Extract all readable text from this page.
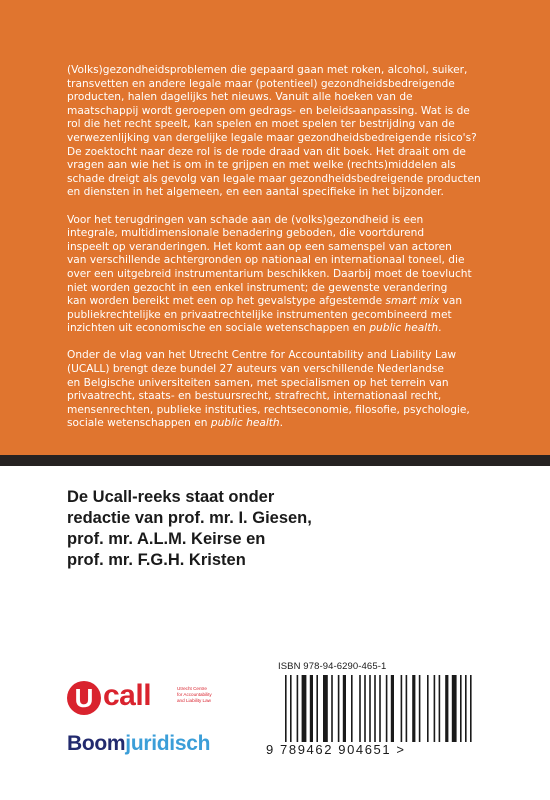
(Volks)gezondheidsproblemen die gepaard gaan met roken, alcohol, suiker,
transvetten en andere legale maar (potentieel) gezondheidsbedreigende
producten, halen dagelijks het nieuws. Vanuit alle hoeken van de
maatschappij wordt geroepen om gedrags- en beleidsaanpassing. Wat is de
rol die het recht speelt, kan spelen en moet spelen ter bestrijding van de
verwezenlijking van dergelijke legale maar gezondheidsbedreigende risico's?
De zoektocht naar deze rol is de rode draad van dit boek. Het draait om de
vragen aan wie het is om in te grijpen en met welke (rechts)middelen als
schade dreigt als gevolg van legale maar gezondheidsbedreigende producten
en diensten in het algemeen, en een aantal specifieke in het bijzonder.

Voor het terugdringen van schade aan de (volks)gezondheid is een
integrale, multidimensionale benadering geboden, die voortdurend
inspeelt op veranderingen. Het komt aan op een samenspel van actoren
van verschillende achtergronden op nationaal en internationaal toneel, die
over een uitgebreid instrumentarium beschikken. Daarbij moet de toevlucht
niet worden gezocht in een enkel instrument; de gewenste verandering
kan worden bereikt met een op het gevalstype afgestemde smart mix van
publiekrechtelijke en privaatrechtelijke instrumenten gecombineerd met
inzichten uit economische en sociale wetenschappen en public health.

Onder de vlag van het Utrecht Centre for Accountability and Liability Law
(UCALL) brengt deze bundel 27 auteurs van verschillende Nederlandse
en Belgische universiteiten samen, met specialismen op het terrein van
privaatrecht, staats- en bestuursrecht, strafrecht, internationaal recht,
mensenrechten, publieke instituties, rechtseconomie, filosofie, psychologie,
sociale wetenschappen en public health.

De Ucall-reeks staat onder
redactie van prof. mr. I. Giesen,
prof. mr. A.L.M. Keirse en
prof. mr. F.G.H. Kristen
ISBN 978-94-6290-465-1
9 789462 904651 >
U call	Utrecht Centre
for Accountability
and Liability Law
Boomjuridisch
